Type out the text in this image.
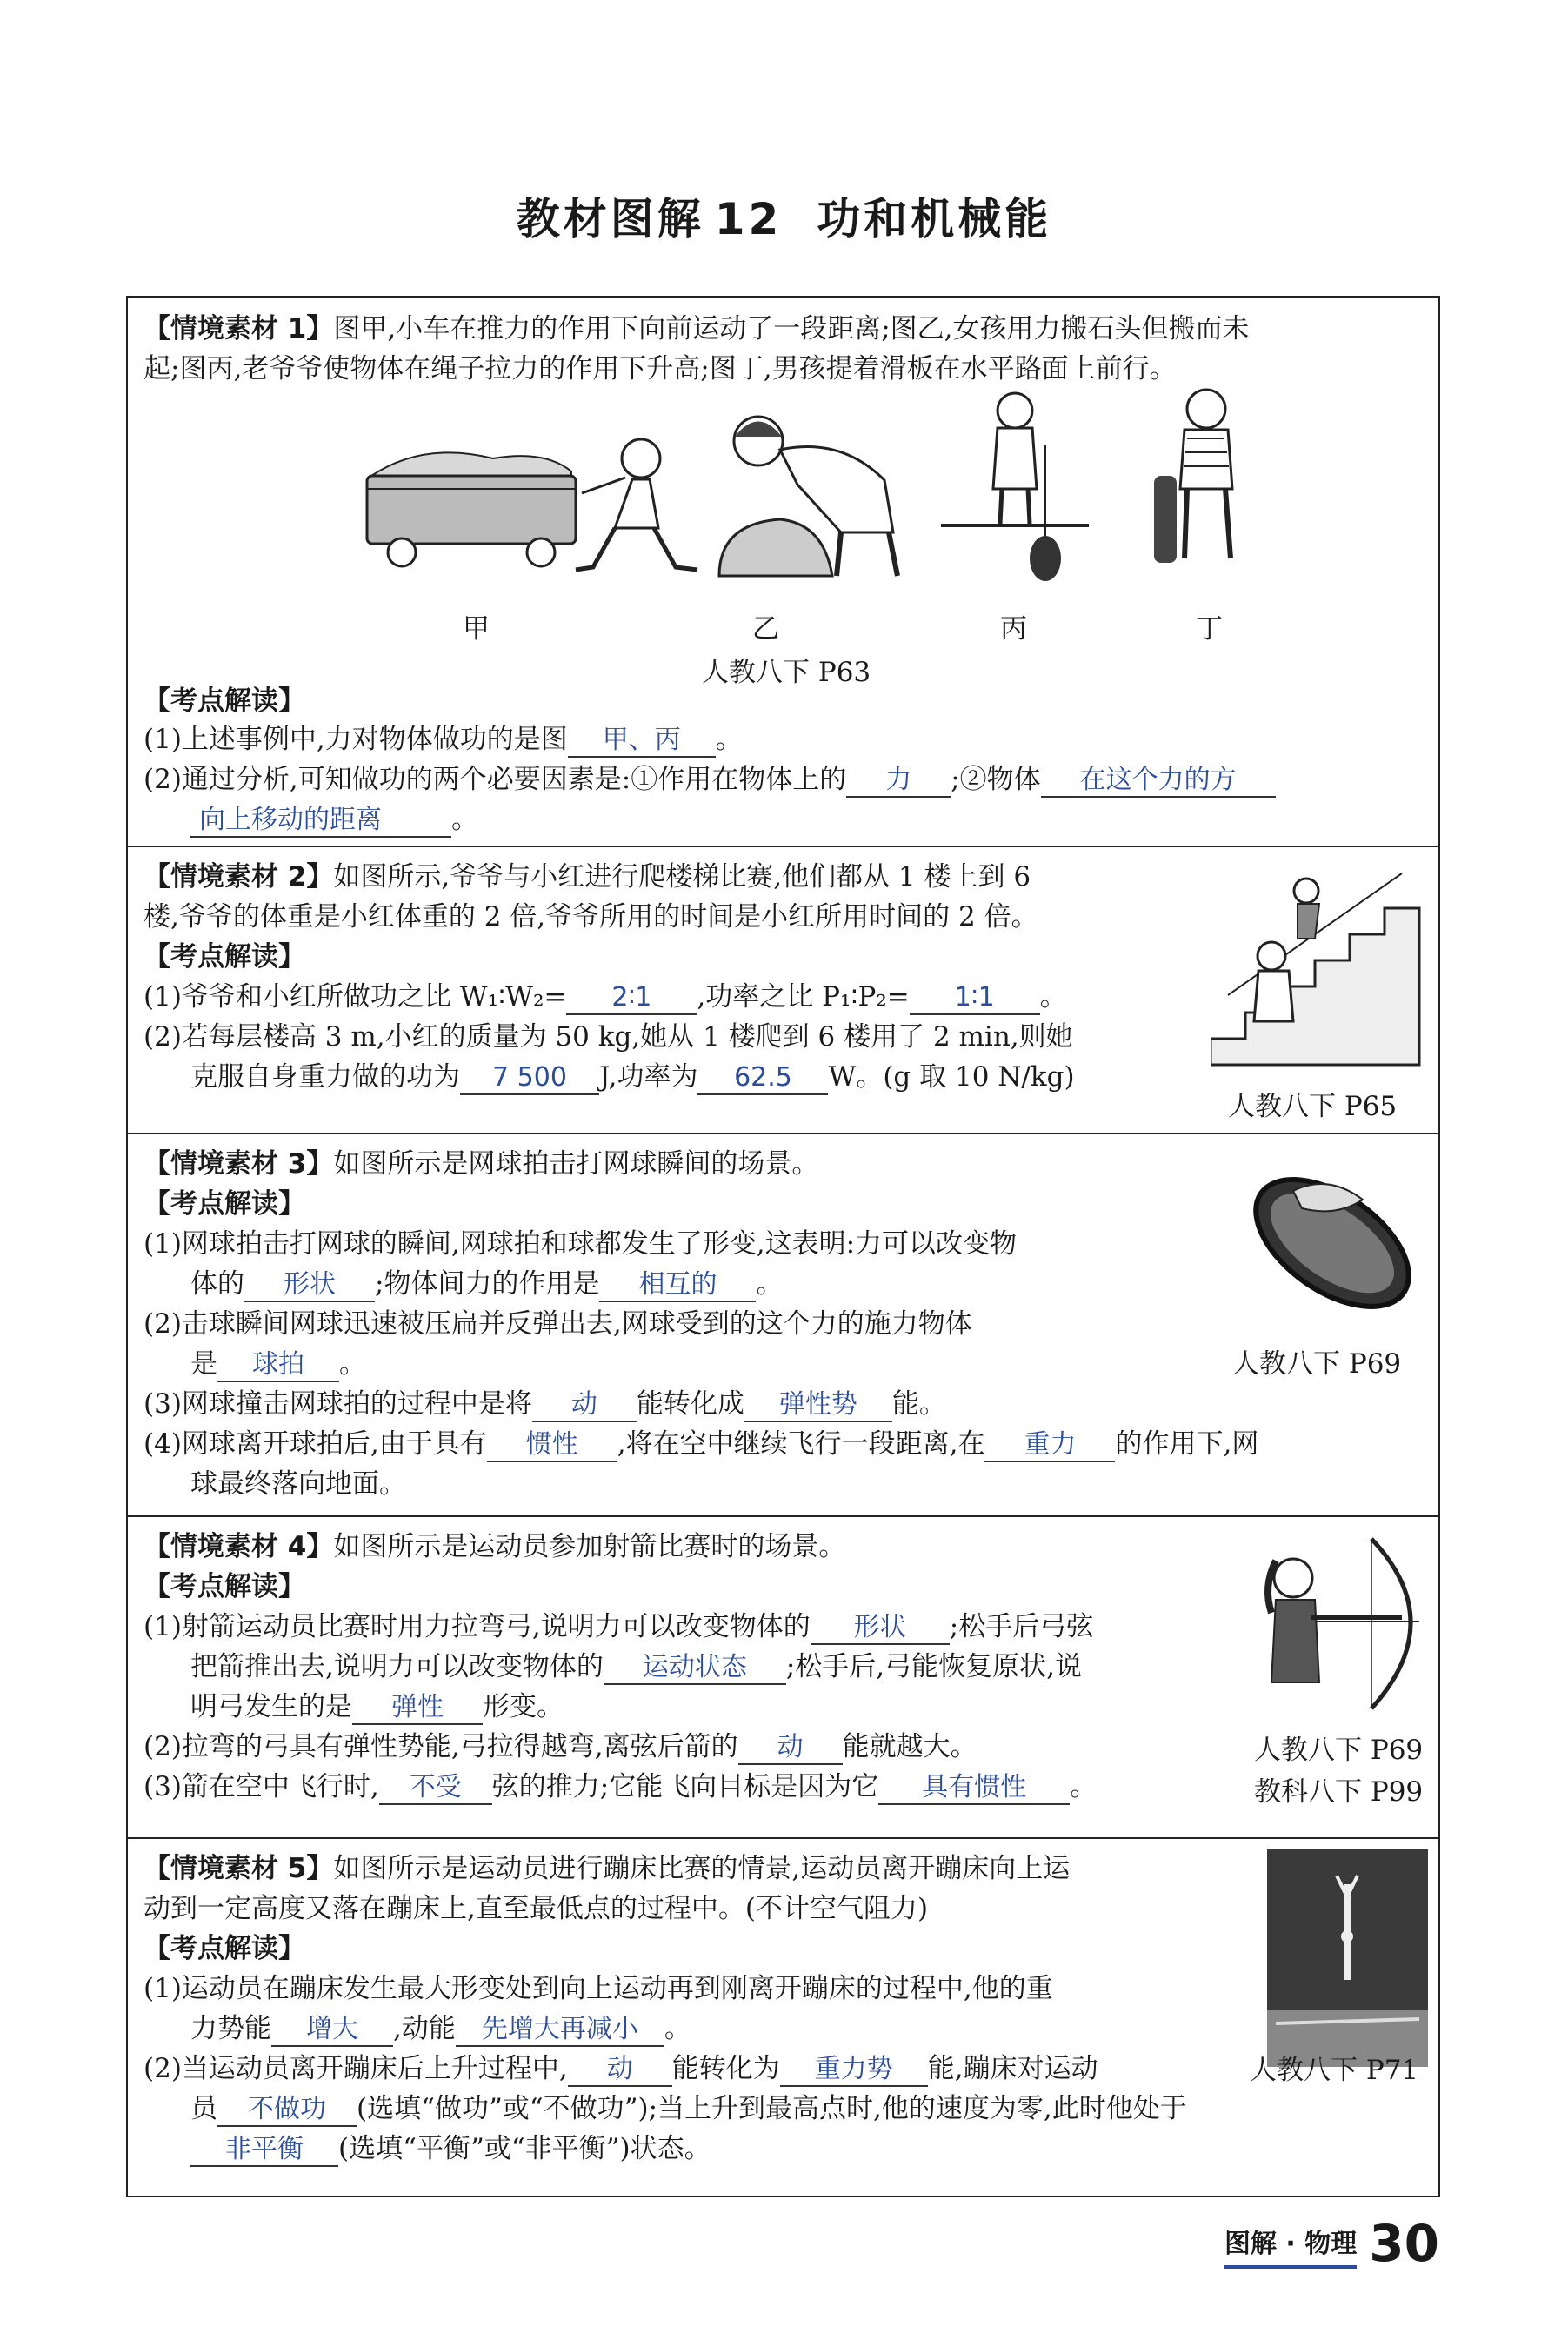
教材图解 12 功和机械能
【情境素材 1】图甲,小车在推力的作用下向前运动了一段距离;图乙,女孩用力搬石头但搬而未
起;图丙,老爷爷使物体在绳子拉力的作用下升高;图丁,男孩提着滑板在水平路面上前行。
甲	乙	丙	丁
人教八下 P63
【考点解读】
(1)上述事例中,力对物体做功的是图 甲、丙 。
(2)通过分析,可知做功的两个必要因素是:①作用在物体上的 力 ;②物体 在这个力的方
向上移动的距离	。
【情境素材 2】如图所示,爷爷与小红进行爬楼梯比赛,他们都从 1 楼上到 6
楼,爷爷的体重是小红体重的 2 倍,爷爷所用的时间是小红所用时间的 2 倍。
【考点解读】
(1)爷爷和小红所做功之比 W₁∶W₂= 2∶1 ,功率之比 P₁∶P₂= 1∶1 。
(2)若每层楼高 3 m,小红的质量为 50 kg,她从 1 楼爬到 6 楼用了 2 min,则她
克服自身重力做的功为 7 500 J,功率为 62.5 W。(g 取 10 N/kg)
人教八下 P65
【情境素材 3】如图所示是网球拍击打网球瞬间的场景。
【考点解读】
(1)网球拍击打网球的瞬间,网球拍和球都发生了形变,这表明:力可以改变物
体的 形状 ;物体间力的作用是 相互的 。
(2)击球瞬间网球迅速被压扁并反弹出去,网球受到的这个力的施力物体
是 球拍 。
(3)网球撞击网球拍的过程中是将 动 能转化成 弹性势 能。
(4)网球离开球拍后,由于具有 惯性 ,将在空中继续飞行一段距离,在 重力 的作用下,网
球最终落向地面。
人教八下 P69
【情境素材 4】如图所示是运动员参加射箭比赛时的场景。
【考点解读】
(1)射箭运动员比赛时用力拉弯弓,说明力可以改变物体的 形状 ;松手后弓弦
把箭推出去,说明力可以改变物体的 运动状态 ;松手后,弓能恢复原状,说
明弓发生的是 弹性 形变。
(2)拉弯的弓具有弹性势能,弓拉得越弯,离弦后箭的 动 能就越大。
(3)箭在空中飞行时, 不受 弦的推力;它能飞向目标是因为它 具有惯性 。
人教八下 P69
教科八下 P99
【情境素材 5】如图所示是运动员进行蹦床比赛的情景,运动员离开蹦床向上运
动到一定高度又落在蹦床上,直至最低点的过程中。(不计空气阻力)
【考点解读】
(1)运动员在蹦床发生最大形变处到向上运动再到刚离开蹦床的过程中,他的重
力势能 增大 ,动能 先增大再减小 。
(2)当运动员离开蹦床后上升过程中, 动 能转化为 重力势 能,蹦床对运动
员 不做功 (选填“做功”或“不做功”);当上升到最高点时,他的速度为零,此时他处于
非平衡 (选填“平衡”或“非平衡”)状态。
人教八下 P71
图解 · 物理 30
